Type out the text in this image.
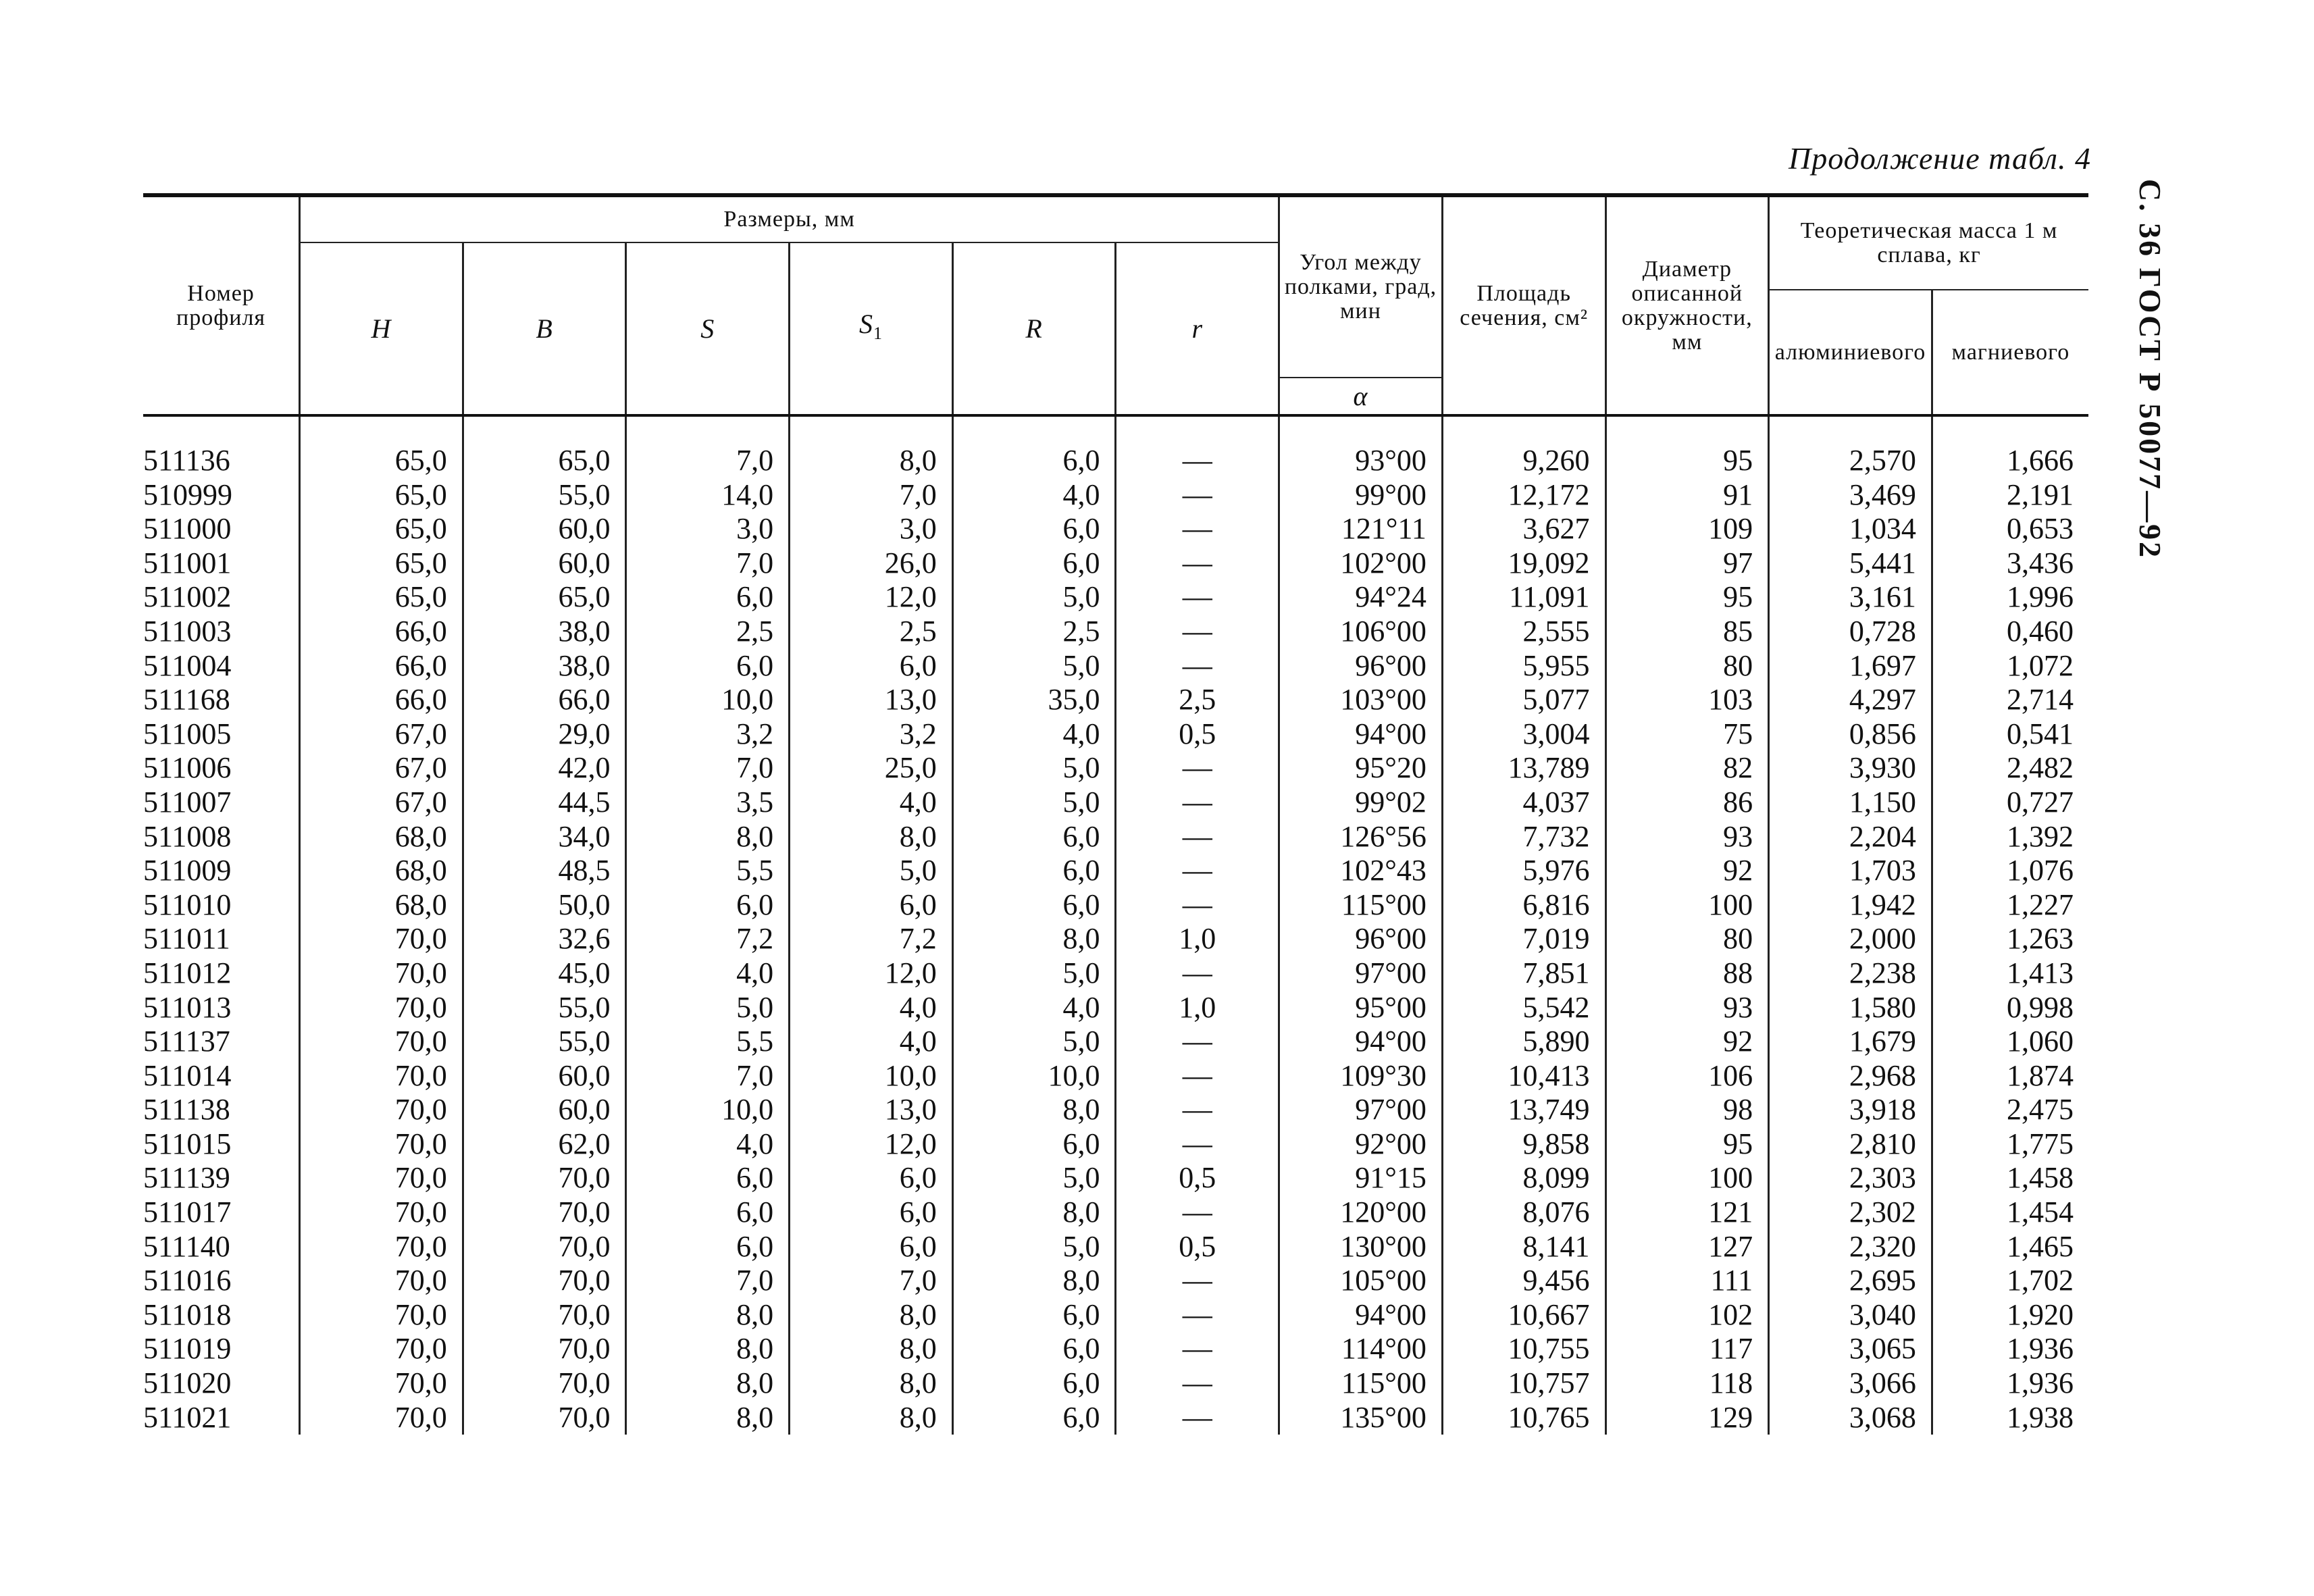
Продолжение табл. 4
С. 36 ГОСТ Р 50077—92
Номер профиля	Размеры, мм						Угол между полками, град, мин	Площадь сечения, см²	Диаметр описанной окружности, мм	Теоретическая масса 1 м сплава, кг	
	H	B	S	$S_1$	R	r					
										алюминиевого	магниевого
							α				

511136	65,0	65,0	7,0	8,0	6,0	—	93°00	9,260	95	2,570	1,666
510999	65,0	55,0	14,0	7,0	4,0	—	99°00	12,172	91	3,469	2,191
511000	65,0	60,0	3,0	3,0	6,0	—	121°11	3,627	109	1,034	0,653
511001	65,0	60,0	7,0	26,0	6,0	—	102°00	19,092	97	5,441	3,436
511002	65,0	65,0	6,0	12,0	5,0	—	94°24	11,091	95	3,161	1,996
511003	66,0	38,0	2,5	2,5	2,5	—	106°00	2,555	85	0,728	0,460
511004	66,0	38,0	6,0	6,0	5,0	—	96°00	5,955	80	1,697	1,072
511168	66,0	66,0	10,0	13,0	35,0	2,5	103°00	5,077	103	4,297	2,714
511005	67,0	29,0	3,2	3,2	4,0	0,5	94°00	3,004	75	0,856	0,541
511006	67,0	42,0	7,0	25,0	5,0	—	95°20	13,789	82	3,930	2,482
511007	67,0	44,5	3,5	4,0	5,0	—	99°02	4,037	86	1,150	0,727
511008	68,0	34,0	8,0	8,0	6,0	—	126°56	7,732	93	2,204	1,392
511009	68,0	48,5	5,5	5,0	6,0	—	102°43	5,976	92	1,703	1,076
511010	68,0	50,0	6,0	6,0	6,0	—	115°00	6,816	100	1,942	1,227
511011	70,0	32,6	7,2	7,2	8,0	1,0	96°00	7,019	80	2,000	1,263
511012	70,0	45,0	4,0	12,0	5,0	—	97°00	7,851	88	2,238	1,413
511013	70,0	55,0	5,0	4,0	4,0	1,0	95°00	5,542	93	1,580	0,998
511137	70,0	55,0	5,5	4,0	5,0	—	94°00	5,890	92	1,679	1,060
511014	70,0	60,0	7,0	10,0	10,0	—	109°30	10,413	106	2,968	1,874
511138	70,0	60,0	10,0	13,0	8,0	—	97°00	13,749	98	3,918	2,475
511015	70,0	62,0	4,0	12,0	6,0	—	92°00	9,858	95	2,810	1,775
511139	70,0	70,0	6,0	6,0	5,0	0,5	91°15	8,099	100	2,303	1,458
511017	70,0	70,0	6,0	6,0	8,0	—	120°00	8,076	121	2,302	1,454
511140	70,0	70,0	6,0	6,0	5,0	0,5	130°00	8,141	127	2,320	1,465
511016	70,0	70,0	7,0	7,0	8,0	—	105°00	9,456	111	2,695	1,702
511018	70,0	70,0	8,0	8,0	6,0	—	94°00	10,667	102	3,040	1,920
511019	70,0	70,0	8,0	8,0	6,0	—	114°00	10,755	117	3,065	1,936
511020	70,0	70,0	8,0	8,0	6,0	—	115°00	10,757	118	3,066	1,936
511021	70,0	70,0	8,0	8,0	6,0	—	135°00	10,765	129	3,068	1,938
